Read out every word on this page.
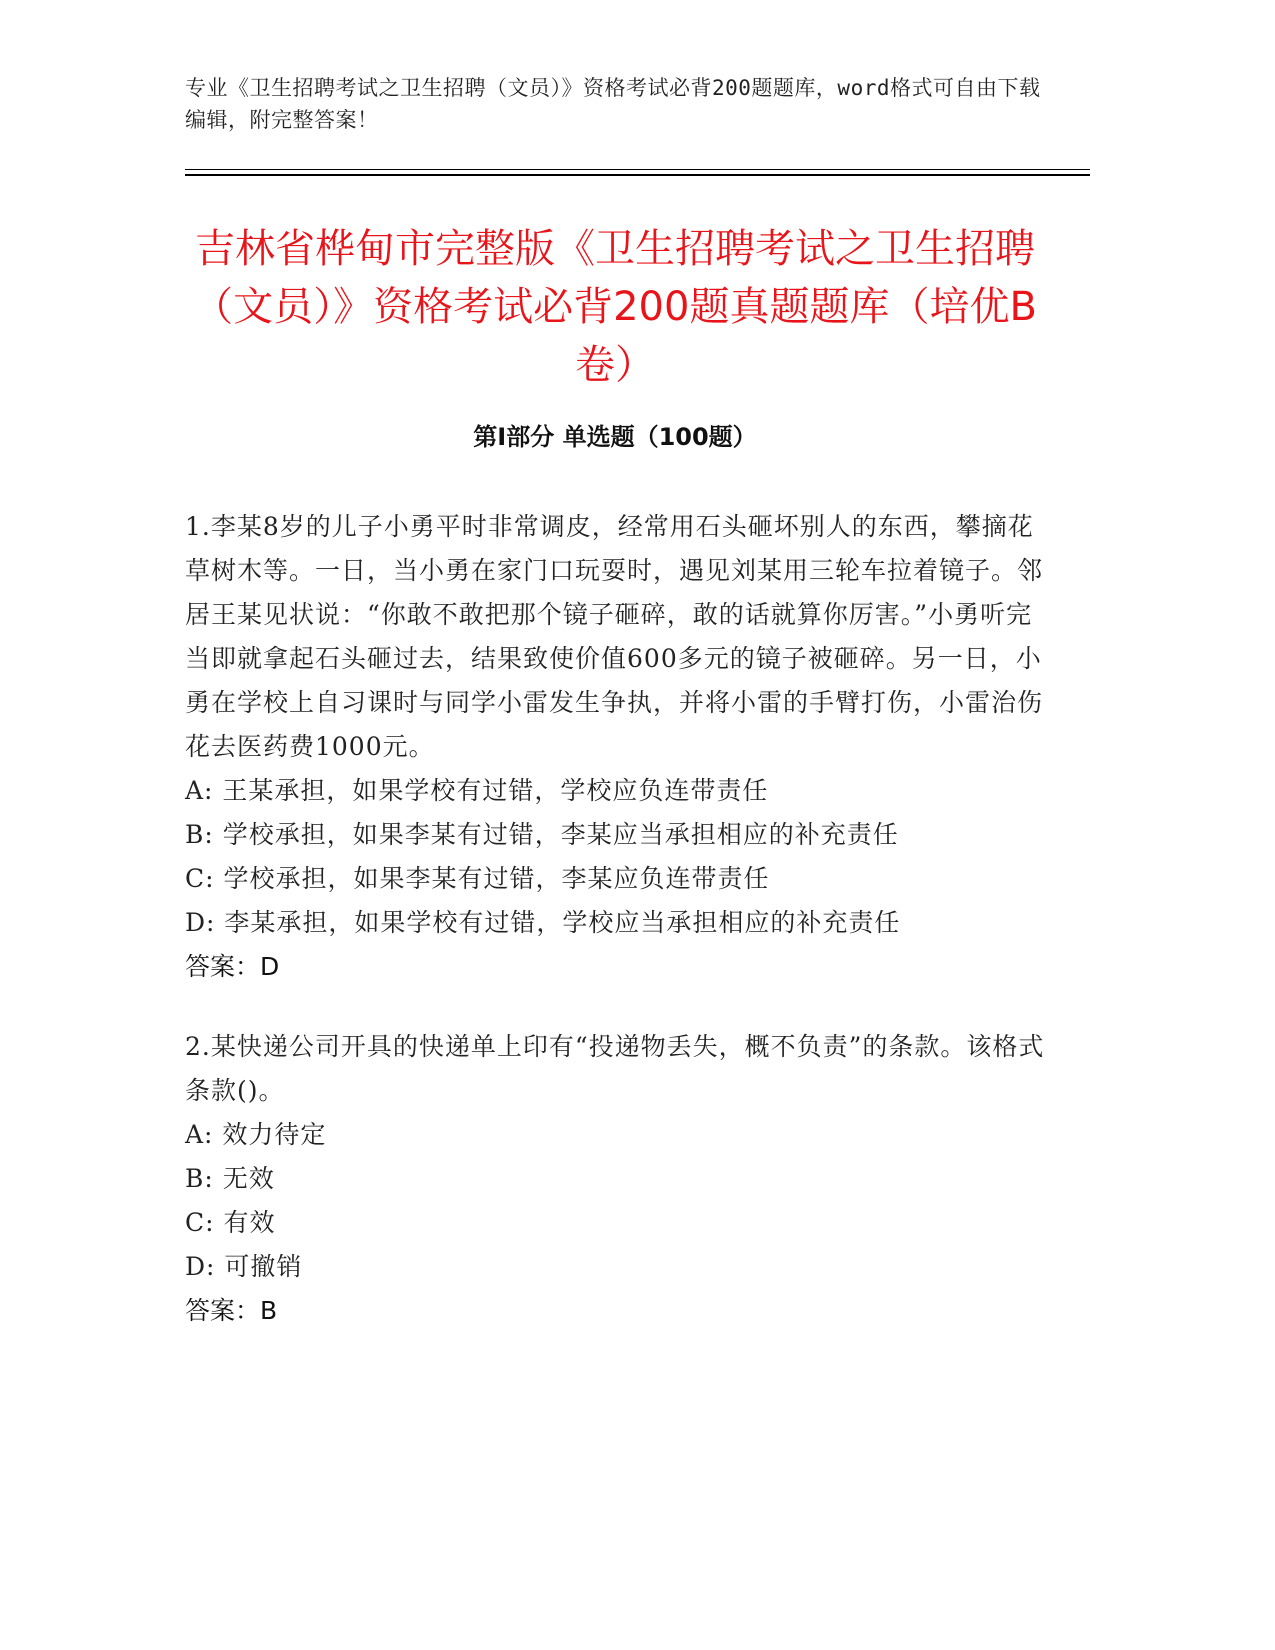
专业《卫生招聘考试之卫生招聘（文员）》资格考试必背200题题库，word格式可自由下载编辑，附完整答案！
吉林省桦甸市完整版《卫生招聘考试之卫生招聘（文员）》资格考试必背200题真题题库（培优B卷）
第Ⅰ部分 单选题（100题）

1.李某8岁的儿子小勇平时非常调皮，经常用石头砸坏别人的东西，攀摘花草树木等。一日，当小勇在家门口玩耍时，遇见刘某用三轮车拉着镜子。邻居王某见状说：“你敢不敢把那个镜子砸碎，敢的话就算你厉害。”小勇听完当即就拿起石头砸过去，结果致使价值600多元的镜子被砸碎。另一日，小勇在学校上自习课时与同学小雷发生争执，并将小雷的手臂打伤，小雷治伤花去医药费1000元。

A: 王某承担，如果学校有过错，学校应负连带责任

B: 学校承担，如果李某有过错，李某应当承担相应的补充责任

C: 学校承担，如果李某有过错，李某应负连带责任

D: 李某承担，如果学校有过错，学校应当承担相应的补充责任

答案：D

2.某快递公司开具的快递单上印有“投递物丢失，概不负责”的条款。该格式条款()。

A: 效力待定

B: 无效

C: 有效

D: 可撤销

答案：B
